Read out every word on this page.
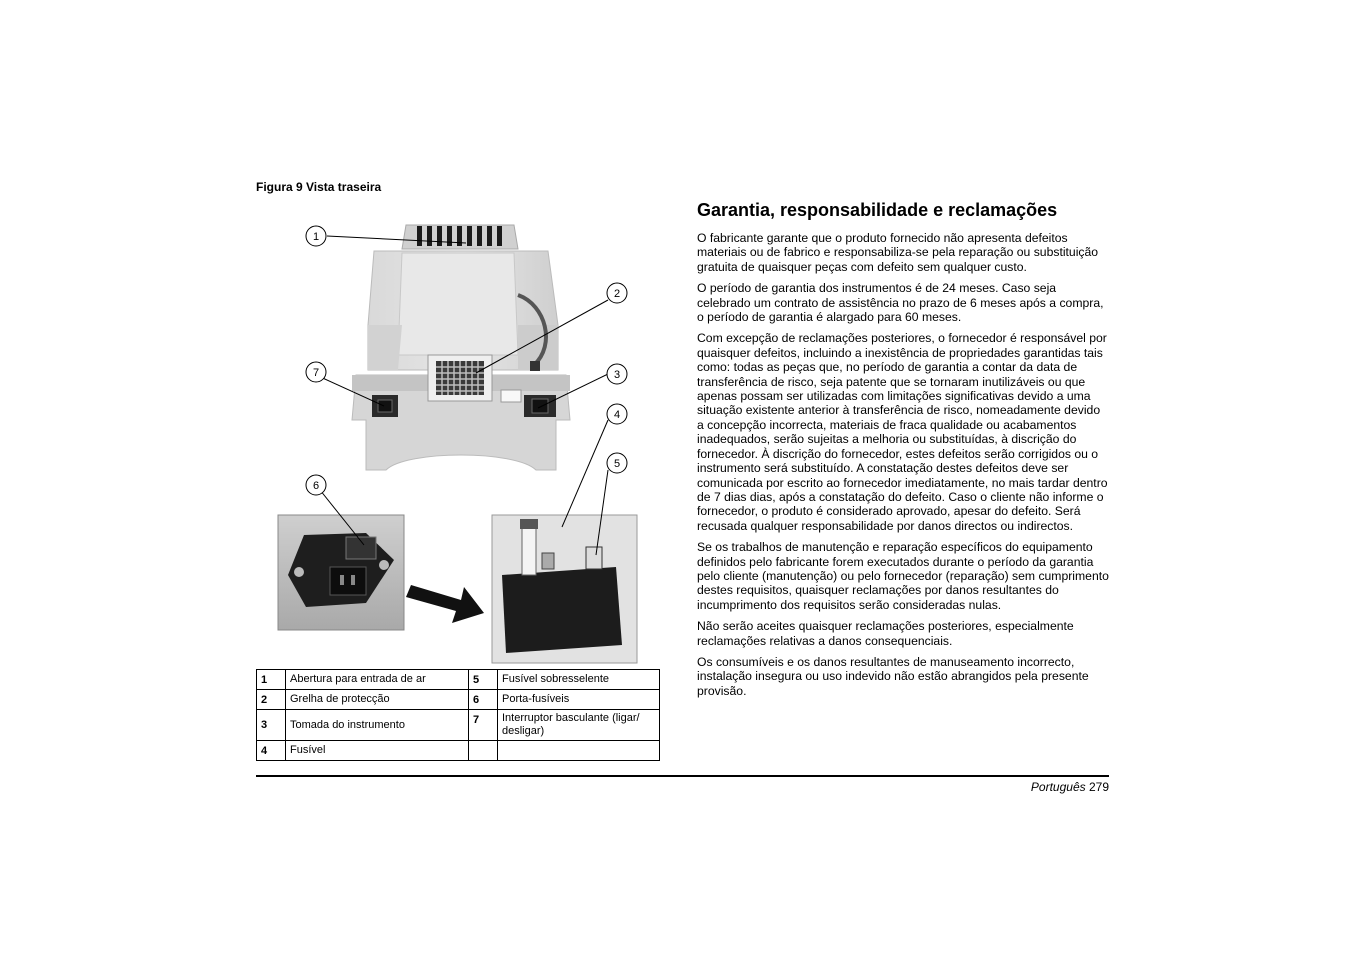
Figura 9 Vista traseira
1
2
3
4
5
6
7
1	Abertura para entrada de ar	5	Fusível sobresselente
2	Grelha de protecção	6	Porta-fusíveis
3	Tomada do instrumento	7	Interruptor basculante (ligar/ desligar)
4	Fusível		
Garantia, responsabilidade e reclamações

O fabricante garante que o produto fornecido não apresenta defeitos materiais ou de fabrico e responsabiliza-se pela reparação ou substituição gratuita de quaisquer peças com defeito sem qualquer custo.

O período de garantia dos instrumentos é de 24 meses. Caso seja celebrado um contrato de assistência no prazo de 6 meses após a compra, o período de garantia é alargado para 60 meses.

Com excepção de reclamações posteriores, o fornecedor é responsável por quaisquer defeitos, incluindo a inexistência de propriedades garantidas tais como: todas as peças que, no período de garantia a contar da data de transferência de risco, seja patente que se tornaram inutilizáveis ou que apenas possam ser utilizadas com limitações significativas devido a uma situação existente anterior à transferência de risco, nomeadamente devido a concepção incorrecta, materiais de fraca qualidade ou acabamentos inadequados, serão sujeitas a melhoria ou substituídas, à discrição do fornecedor. À discrição do fornecedor, estes defeitos serão corrigidos ou o instrumento será substituído. A constatação destes defeitos deve ser comunicada por escrito ao fornecedor imediatamente, no mais tardar dentro de 7 dias dias, após a constatação do defeito. Caso o cliente não informe o fornecedor, o produto é considerado aprovado, apesar do defeito. Será recusada qualquer responsabilidade por danos directos ou indirectos.

Se os trabalhos de manutenção e reparação específicos do equipamento definidos pelo fabricante forem executados durante o período da garantia pelo cliente (manutenção) ou pelo fornecedor (reparação) sem cumprimento destes requisitos, quaisquer reclamações por danos resultantes do incumprimento dos requisitos serão consideradas nulas.

Não serão aceites quaisquer reclamações posteriores, especialmente reclamações relativas a danos consequenciais.

Os consumíveis e os danos resultantes de manuseamento incorrecto, instalação insegura ou uso indevido não estão abrangidos pela presente provisão.

Português 279
